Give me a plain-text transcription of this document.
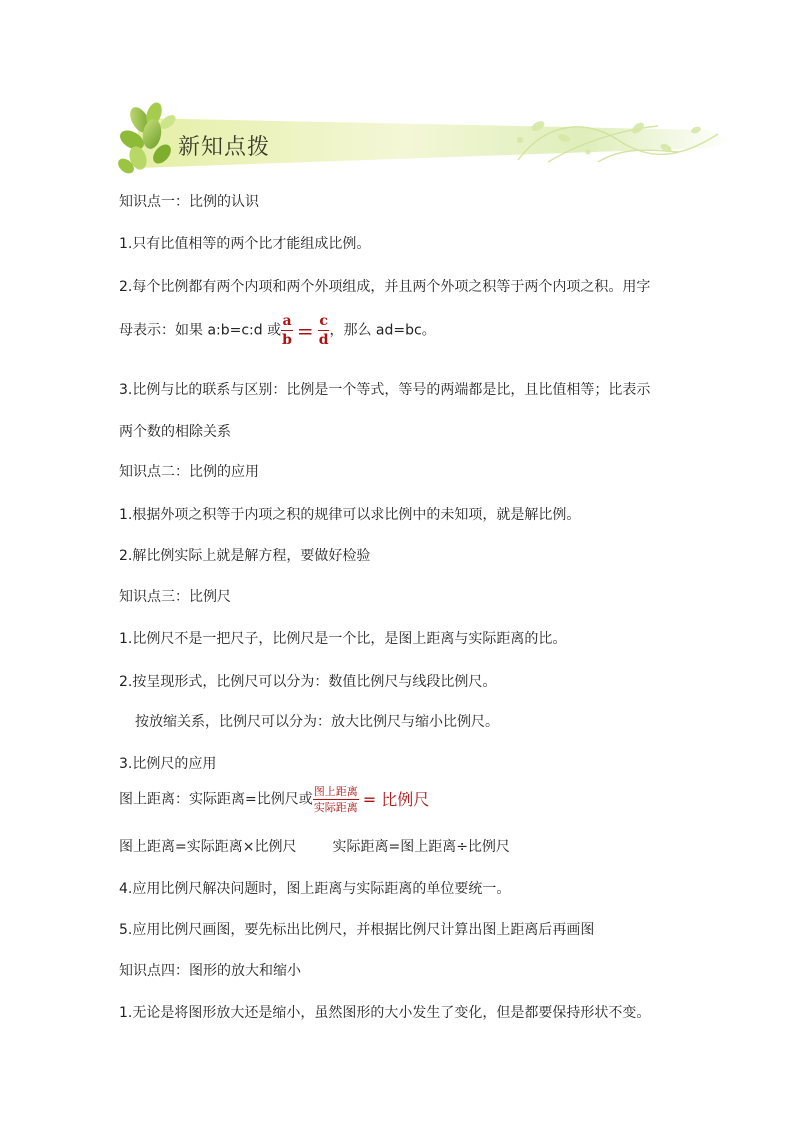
新知点拨
知识点一：比例的认识
1.只有比值相等的两个比才能组成比例。
2.每个比例都有两个内项和两个外项组成，并且两个外项之积等于两个内项之积。用字
母表示：如果 a:b=c:d 或 $\frac{a}{b} = \frac{c}{d}$ ，那么 ad=bc。
3.比例与比的联系与区别：比例是一个等式，等号的两端都是比，且比值相等；比表示
两个数的相除关系
知识点二：比例的应用
1.根据外项之积等于内项之积的规律可以求比例中的未知项，就是解比例。
2.解比例实际上就是解方程，要做好检验
知识点三：比例尺
1.比例尺不是一把尺子，比例尺是一个比，是图上距离与实际距离的比。
2.按呈现形式，比例尺可以分为：数值比例尺与线段比例尺。
按放缩关系，比例尺可以分为：放大比例尺与缩小比例尺。
3.比例尺的应用
图上距离：实际距离=比例尺或 $\frac{\text{图上距离}}{\text{实际距离}}$ = 比例尺
图上距离=实际距离×比例尺	实际距离=图上距离÷比例尺
4.应用比例尺解决问题时，图上距离与实际距离的单位要统一。
5.应用比例尺画图，要先标出比例尺，并根据比例尺计算出图上距离后再画图
知识点四：图形的放大和缩小
1.无论是将图形放大还是缩小，虽然图形的大小发生了变化，但是都要保持形状不变。
